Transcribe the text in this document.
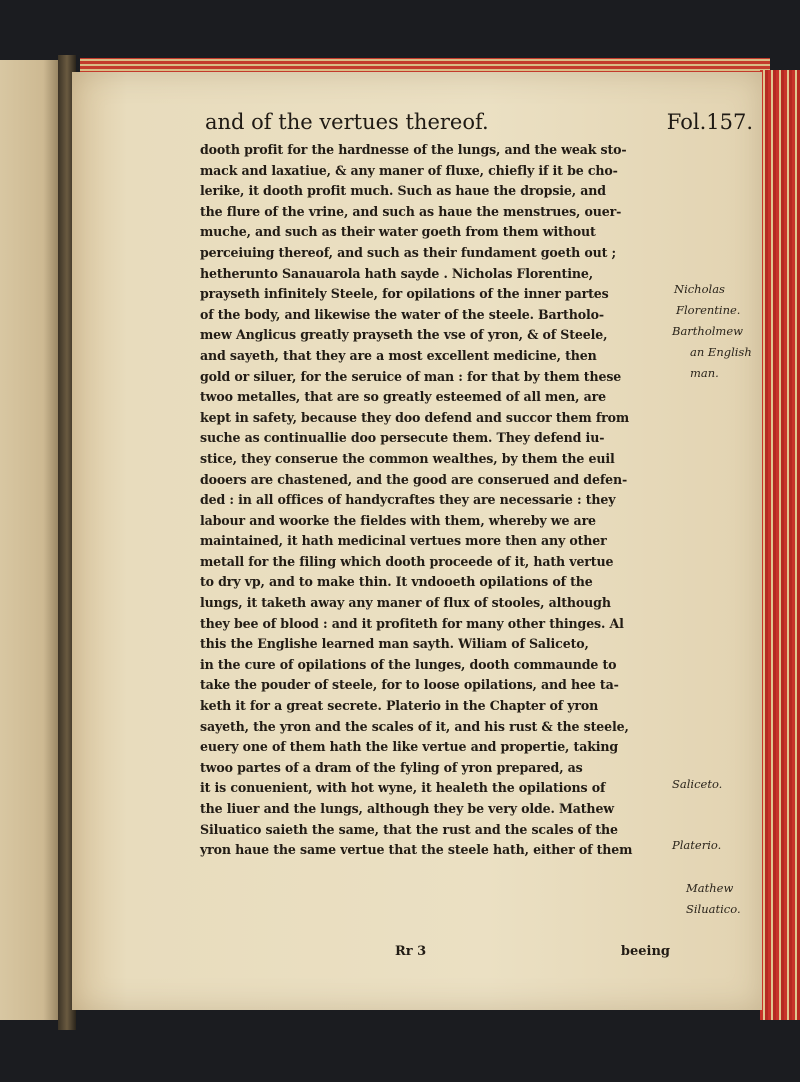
and of the vertues thereof.	Fol.157.
dooth profit for the hardnesse of the lungs, and the weak sto-
mack and laxatiue, & any maner of fluxe, chiefly if it be cho-
lerike, it dooth profit much. Such as haue the dropsie, and
the flure of the vrine, and such as haue the menstrues, ouer-
muche, and such as their water goeth from them without
perceiuing thereof, and such as their fundament goeth out ;
hetherunto Sanauarola hath sayde . Nicholas Florentine,
prayseth infinitely Steele, for opilations of the inner partes
of the body, and likewise the water of the steele. Bartholo-
mew Anglicus greatly prayseth the vse of yron, & of Steele,
and sayeth, that they are a most excellent medicine, then
gold or siluer, for the seruice of man : for that by them these
twoo metalles, that are so greatly esteemed of all men, are
kept in safety, because they doo defend and succor them from
suche as continuallie doo persecute them. They defend iu-
stice, they conserue the common wealthes, by them the euil
dooers are chastened, and the good are conserued and defen-
ded : in all offices of handycraftes they are necessarie : they
labour and woorke the fieldes with them, whereby we are
maintained, it hath medicinal vertues more then any other
metall for the filing which dooth proceede of it, hath vertue
to dry vp, and to make thin. It vndooeth opilations of the
lungs, it taketh away any maner of flux of stooles, although
they bee of blood : and it profiteth for many other thinges. Al
this the Englishe learned man sayth. Wiliam of Saliceto,
in the cure of opilations of the lunges, dooth commaunde to
take the pouder of steele, for to loose opilations, and hee ta-
keth it for a great secrete. Platerio in the Chapter of yron
sayeth, the yron and the scales of it, and his rust & the steele,
euery one of them hath the like vertue and propertie, taking
twoo partes of a dram of the fyling of yron prepared, as
it is conuenient, with hot wyne, it healeth the opilations of
the liuer and the lungs, although they be very olde. Mathew
Siluatico saieth the same, that the rust and the scales of the
yron haue the same vertue that the steele hath, either of them
Nicholas
Florentine.
Bartholmew
an English
man.
Saliceto.
Platerio.
Mathew
Siluatico.
Rr 3	beeing
